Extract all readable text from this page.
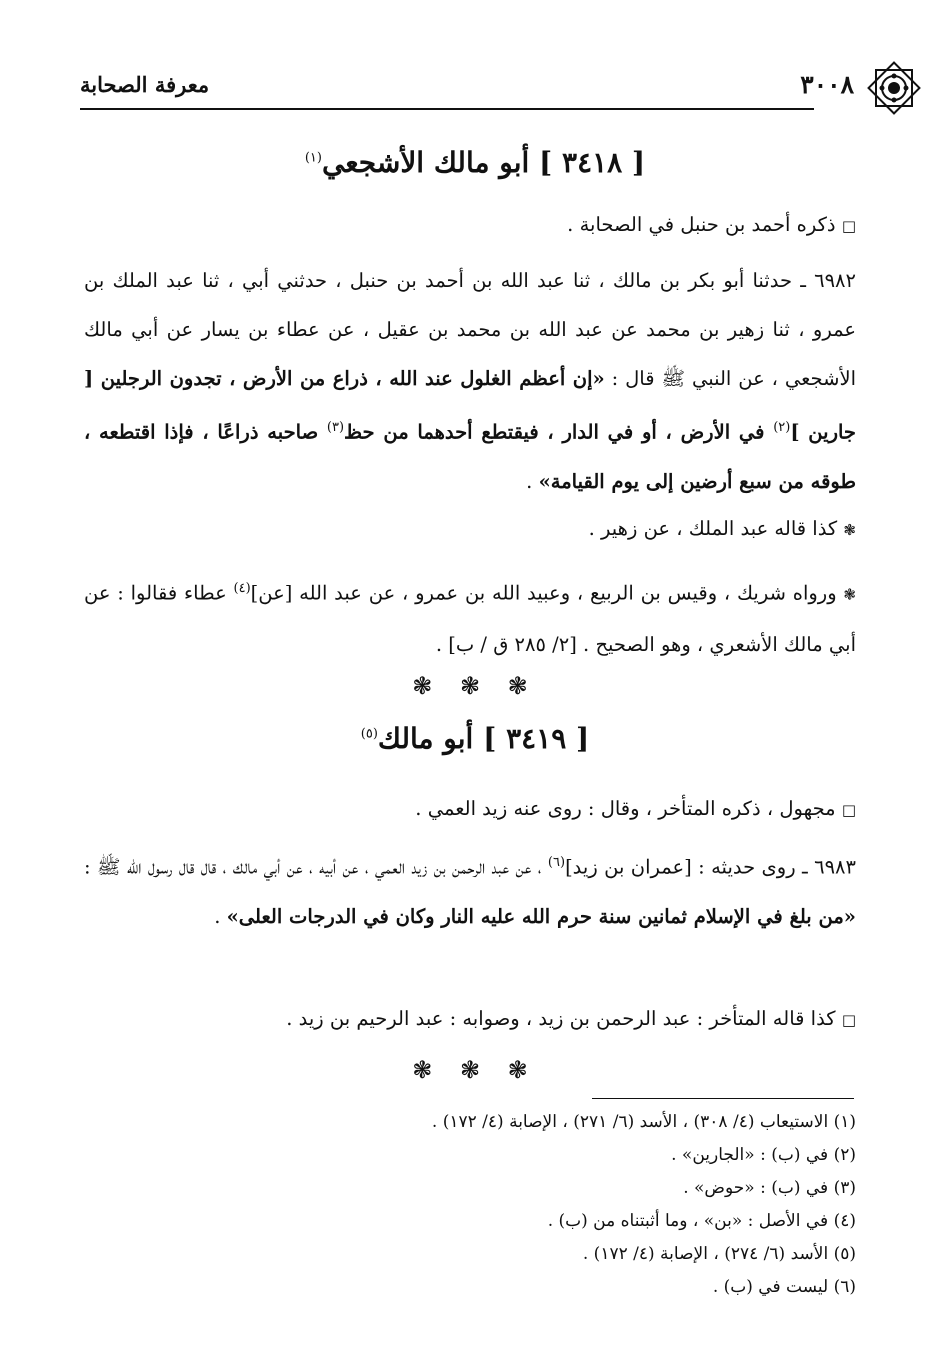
٣٠٠٨
معرفة الصحابة
[ ٣٤١٨ ] أبو مالك الأشجعي$^{(١)}$
□ ذكره أحمد بن حنبل في الصحابة .
٦٩٨٢ ـ حدثنا أبو بكر بن مالك ، ثنا عبد الله بن أحمد بن حنبل ، حدثني أبي ، ثنا عبد الملك بن عمرو ، ثنا زهير بن محمد عن عبد الله بن محمد بن عقيل ، عن عطاء بن يسار عن أبي مالك الأشجعي ، عن النبي ﷺ قال : «إن أعظم الغلول عند الله ، ذراع من الأرض ، تجدون الرجلين [ جارين ]$^{(٢)}$ في الأرض ، أو في الدار ، فيقتطع أحدهما من حظ$^{(٣)}$ صاحبه ذراعًا ، فإذا اقتطعه ، طوقه من سبع أرضين إلى يوم القيامة» .
❃ كذا قاله عبد الملك ، عن زهير .
❃ ورواه شريك ، وقيس بن الربيع ، وعبيد الله بن عمرو ، عن عبد الله [عن]$^{(٤)}$ عطاء فقالوا : عن أبي مالك الأشعري ، وهو الصحيح . [٢/ ٢٨٥ ق / ب] .
❃ ❃ ❃
[ ٣٤١٩ ] أبو مالك$^{(٥)}$
□ مجهول ، ذكره المتأخر ، وقال : روى عنه زيد العمي .
٦٩٨٣ ـ روى حديثه : [عمران بن زيد]$^{(٦)}$ ، عن عبد الرحمن بن زيد العمي ، عن أبيه ، عن أبي مالك ، قال قال رسول الله ﷺ : «من بلغ في الإسلام ثمانين سنة حرم الله عليه النار وكان في الدرجات العلى» .
□ كذا قاله المتأخر : عبد الرحمن بن زيد ، وصوابه : عبد الرحيم بن زيد .
❃ ❃ ❃
(١) الاستيعاب (٤/ ٣٠٨) ، الأسد (٦/ ٢٧١) ، الإصابة (٤/ ١٧٢) .
(٢) في (ب) : «الجارين» .
(٣) في (ب) : «حوض» .
(٤) في الأصل : «بن» ، وما أثبتناه من (ب) .
(٥) الأسد (٦/ ٢٧٤) ، الإصابة (٤/ ١٧٢) .
(٦) ليست في (ب) .
